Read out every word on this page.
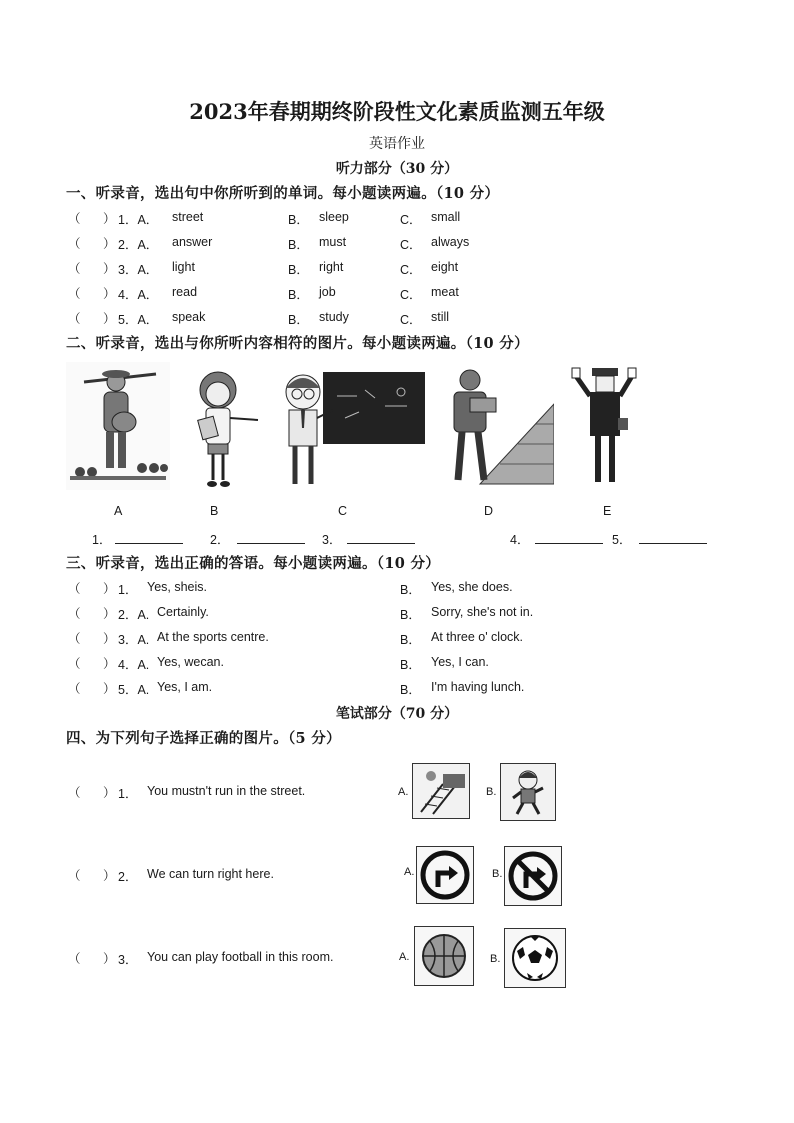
2023年春期期终阶段性文化素质监测五年级
英语作业
听力部分（30 分）
一、听录音，选出句中你所听到的单词。每小题读两遍。（10 分）
（ ） 1．A． street	B． sleep	C． small
（ ） 2．A． answer	B． must	C． always
（ ） 3．A． light	B． right	C． eight
（ ） 4．A． read	B． job	C． meat
（ ） 5．A． speak	B． study	C． still
二、听录音，选出与你所听内容相符的图片。每小题读两遍。（10 分）
A	B	C	D	E
1．	2．	3．	4．	5．
三、听录音，选出正确的答语。每小题读两遍。（10 分）
（ ） 1． Yes, sheis.	B． Yes, she does.
（ ） 2．A. Certainly.	B． Sorry, she's not in.
（ ） 3．A. At the sports centre.	B． At three o' clock.
（ ） 4．A. Yes, wecan.	B． Yes, I can.
（ ） 5．A. Yes, I am.	B． I'm having lunch.
笔试部分（70 分）
四、为下列句子选择正确的图片。（5 分）
（ ） 1． You mustn't run in the street.	A.	B.
（ ） 2． We can turn right here.	A.	B.
（ ） 3． You can play football in this room.	A.	B.
